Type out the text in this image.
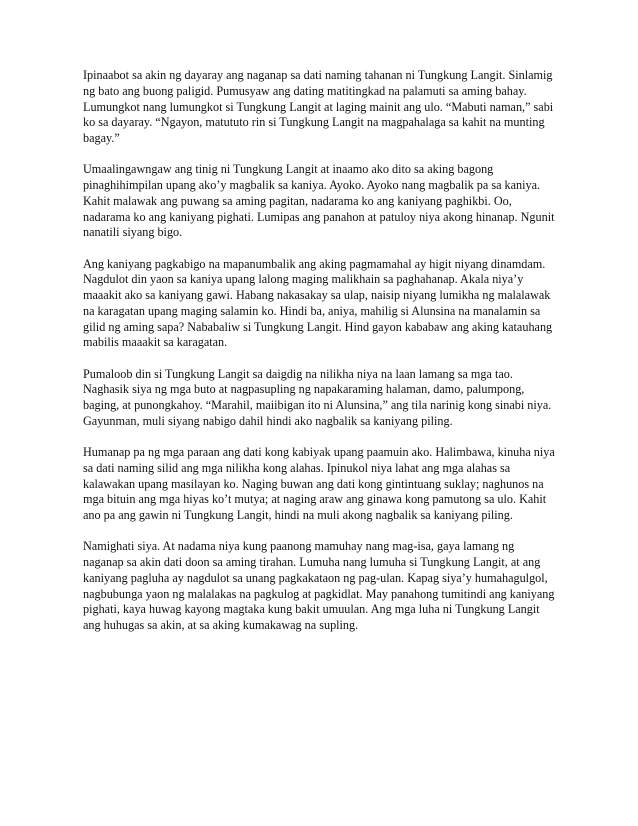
Ipinaabot sa akin ng dayaray ang naganap sa dati naming tahanan ni Tungkung Langit. Sinlamig
ng bato ang buong paligid. Pumusyaw ang dating matitingkad na palamuti sa aming bahay.
Lumungkot nang lumungkot si Tungkung Langit at laging mainit ang ulo. “Mabuti naman,” sabi
ko sa dayaray. “Ngayon, matututo rin si Tungkung Langit na magpahalaga sa kahit na munting
bagay.”

Umaalingawngaw ang tinig ni Tungkung Langit at inaamo ako dito sa aking bagong
pinaghihimpilan upang ako’y magbalik sa kaniya. Ayoko. Ayoko nang magbalik pa sa kaniya.
Kahit malawak ang puwang sa aming pagitan, nadarama ko ang kaniyang paghikbi. Oo,
nadarama ko ang kaniyang pighati. Lumipas ang panahon at patuloy niya akong hinanap. Ngunit
nanatili siyang bigo.

Ang kaniyang pagkabigo na mapanumbalik ang aking pagmamahal ay higit niyang dinamdam.
Nagdulot din yaon sa kaniya upang lalong maging malikhain sa paghahanap. Akala niya’y
maaakit ako sa kaniyang gawi. Habang nakasakay sa ulap, naisip niyang lumikha ng malalawak
na karagatan upang maging salamin ko. Hindi ba, aniya, mahilig si Alunsina na manalamin sa
gilid ng aming sapa? Nababaliw si Tungkung Langit. Hind gayon kababaw ang aking katauhang
mabilis maaakit sa karagatan.

Pumaloob din si Tungkung Langit sa daigdig na nilikha niya na laan lamang sa mga tao.
Naghasik siya ng mga buto at nagpasupling ng napakaraming halaman, damo, palumpong,
baging, at punongkahoy. “Marahil, maiibigan ito ni Alunsina,” ang tila narinig kong sinabi niya.
Gayunman, muli siyang nabigo dahil hindi ako nagbalik sa kaniyang piling.

Humanap pa ng mga paraan ang dati kong kabiyak upang paamuin ako. Halimbawa, kinuha niya
sa dati naming silid ang mga nilikha kong alahas. Ipinukol niya lahat ang mga alahas sa
kalawakan upang masilayan ko. Naging buwan ang dati kong gintintuang suklay; naghunos na
mga bituin ang mga hiyas ko’t mutya; at naging araw ang ginawa kong pamutong sa ulo. Kahit
ano pa ang gawin ni Tungkung Langit, hindi na muli akong nagbalik sa kaniyang piling.

Namighati siya. At nadama niya kung paanong mamuhay nang mag-isa, gaya lamang ng
naganap sa akin dati doon sa aming tirahan. Lumuha nang lumuha si Tungkung Langit, at ang
kaniyang pagluha ay nagdulot sa unang pagkakataon ng pag-ulan. Kapag siya’y humahagulgol,
nagbubunga yaon ng malalakas na pagkulog at pagkidlat. May panahong tumitindi ang kaniyang
pighati, kaya huwag kayong magtaka kung bakit umuulan. Ang mga luha ni Tungkung Langit
ang huhugas sa akin, at sa aking kumakawag na supling.
